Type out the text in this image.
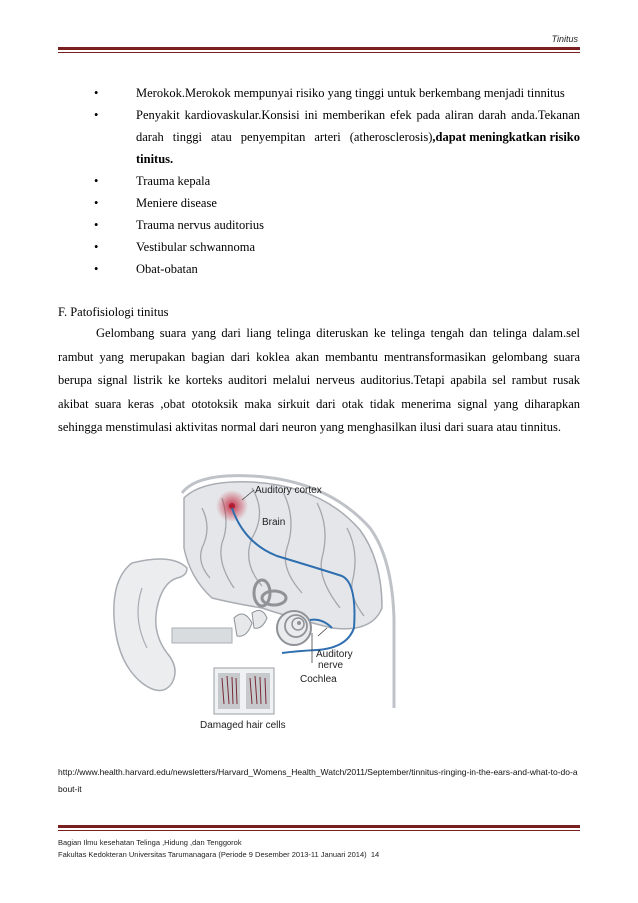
Tinitus
•	Merokok.Merokok mempunyai risiko yang tinggi untuk berkembang menjadi tinnitus
•	Penyakit kardiovaskular.Konsisi ini memberikan efek pada aliran darah anda.Tekanan
darah tinggi atau penyempitan arteri (atherosclerosis) ,dapat meningkatkan risiko
tinitus.
•	Trauma kepala
•	Meniere disease
•	Trauma nervus auditorius
•	Vestibular schwannoma
•	Obat-obatan
F. Patofisiologi tinitus
Gelombang suara yang dari liang telinga diteruskan ke telinga tengah dan telinga dalam.sel rambut yang merupakan bagian dari koklea akan membantu mentransformasikan gelombang suara berupa signal listrik ke korteks auditori melalui nerveus auditorius.Tetapi apabila sel rambut rusak akibat suara keras ,obat ototoksik maka sirkuit dari otak tidak menerima signal yang diharapkan sehingga menstimulasi aktivitas normal dari neuron yang menghasilkan ilusi dari suara atau tinnitus.
Auditory cortex
Brain
Auditory
nerve
Cochlea
Damaged hair cells
http://www.health.harvard.edu/newsletters/Harvard_Womens_Health_Watch/2011/September/tinnitus-ringing-in-the-ears-and-what-to-do-about-it
Bagian Ilmu kesehatan Telinga ,Hidung ,dan Tenggorok
Fakultas Kedokteran Universitas Tarumanagara (Periode 9 Desember 2013-11 Januari 2014) 14
